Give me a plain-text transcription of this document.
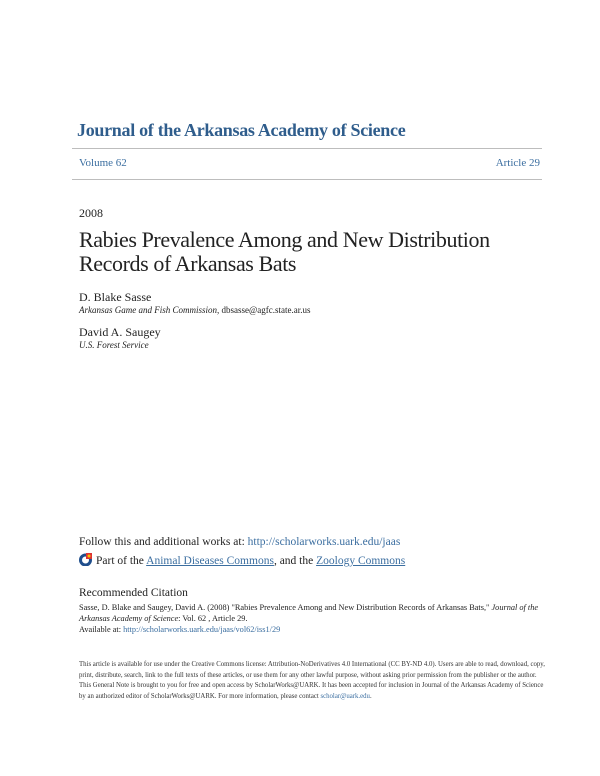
Journal of the Arkansas Academy of Science
Volume 62	Article 29
2008
Rabies Prevalence Among and New Distribution Records of Arkansas Bats
D. Blake Sasse
Arkansas Game and Fish Commission, dbsasse@agfc.state.ar.us
David A. Saugey
U.S. Forest Service
Follow this and additional works at: http://scholarworks.uark.edu/jaas
Part of the Animal Diseases Commons, and the Zoology Commons
Recommended Citation
Sasse, D. Blake and Saugey, David A. (2008) "Rabies Prevalence Among and New Distribution Records of Arkansas Bats," Journal of the Arkansas Academy of Science: Vol. 62 , Article 29.
Available at: http://scholarworks.uark.edu/jaas/vol62/iss1/29
This article is available for use under the Creative Commons license: Attribution-NoDerivatives 4.0 International (CC BY-ND 4.0). Users are able to read, download, copy, print, distribute, search, link to the full texts of these articles, or use them for any other lawful purpose, without asking prior permission from the publisher or the author.
This General Note is brought to you for free and open access by ScholarWorks@UARK. It has been accepted for inclusion in Journal of the Arkansas Academy of Science by an authorized editor of ScholarWorks@UARK. For more information, please contact scholar@uark.edu.
